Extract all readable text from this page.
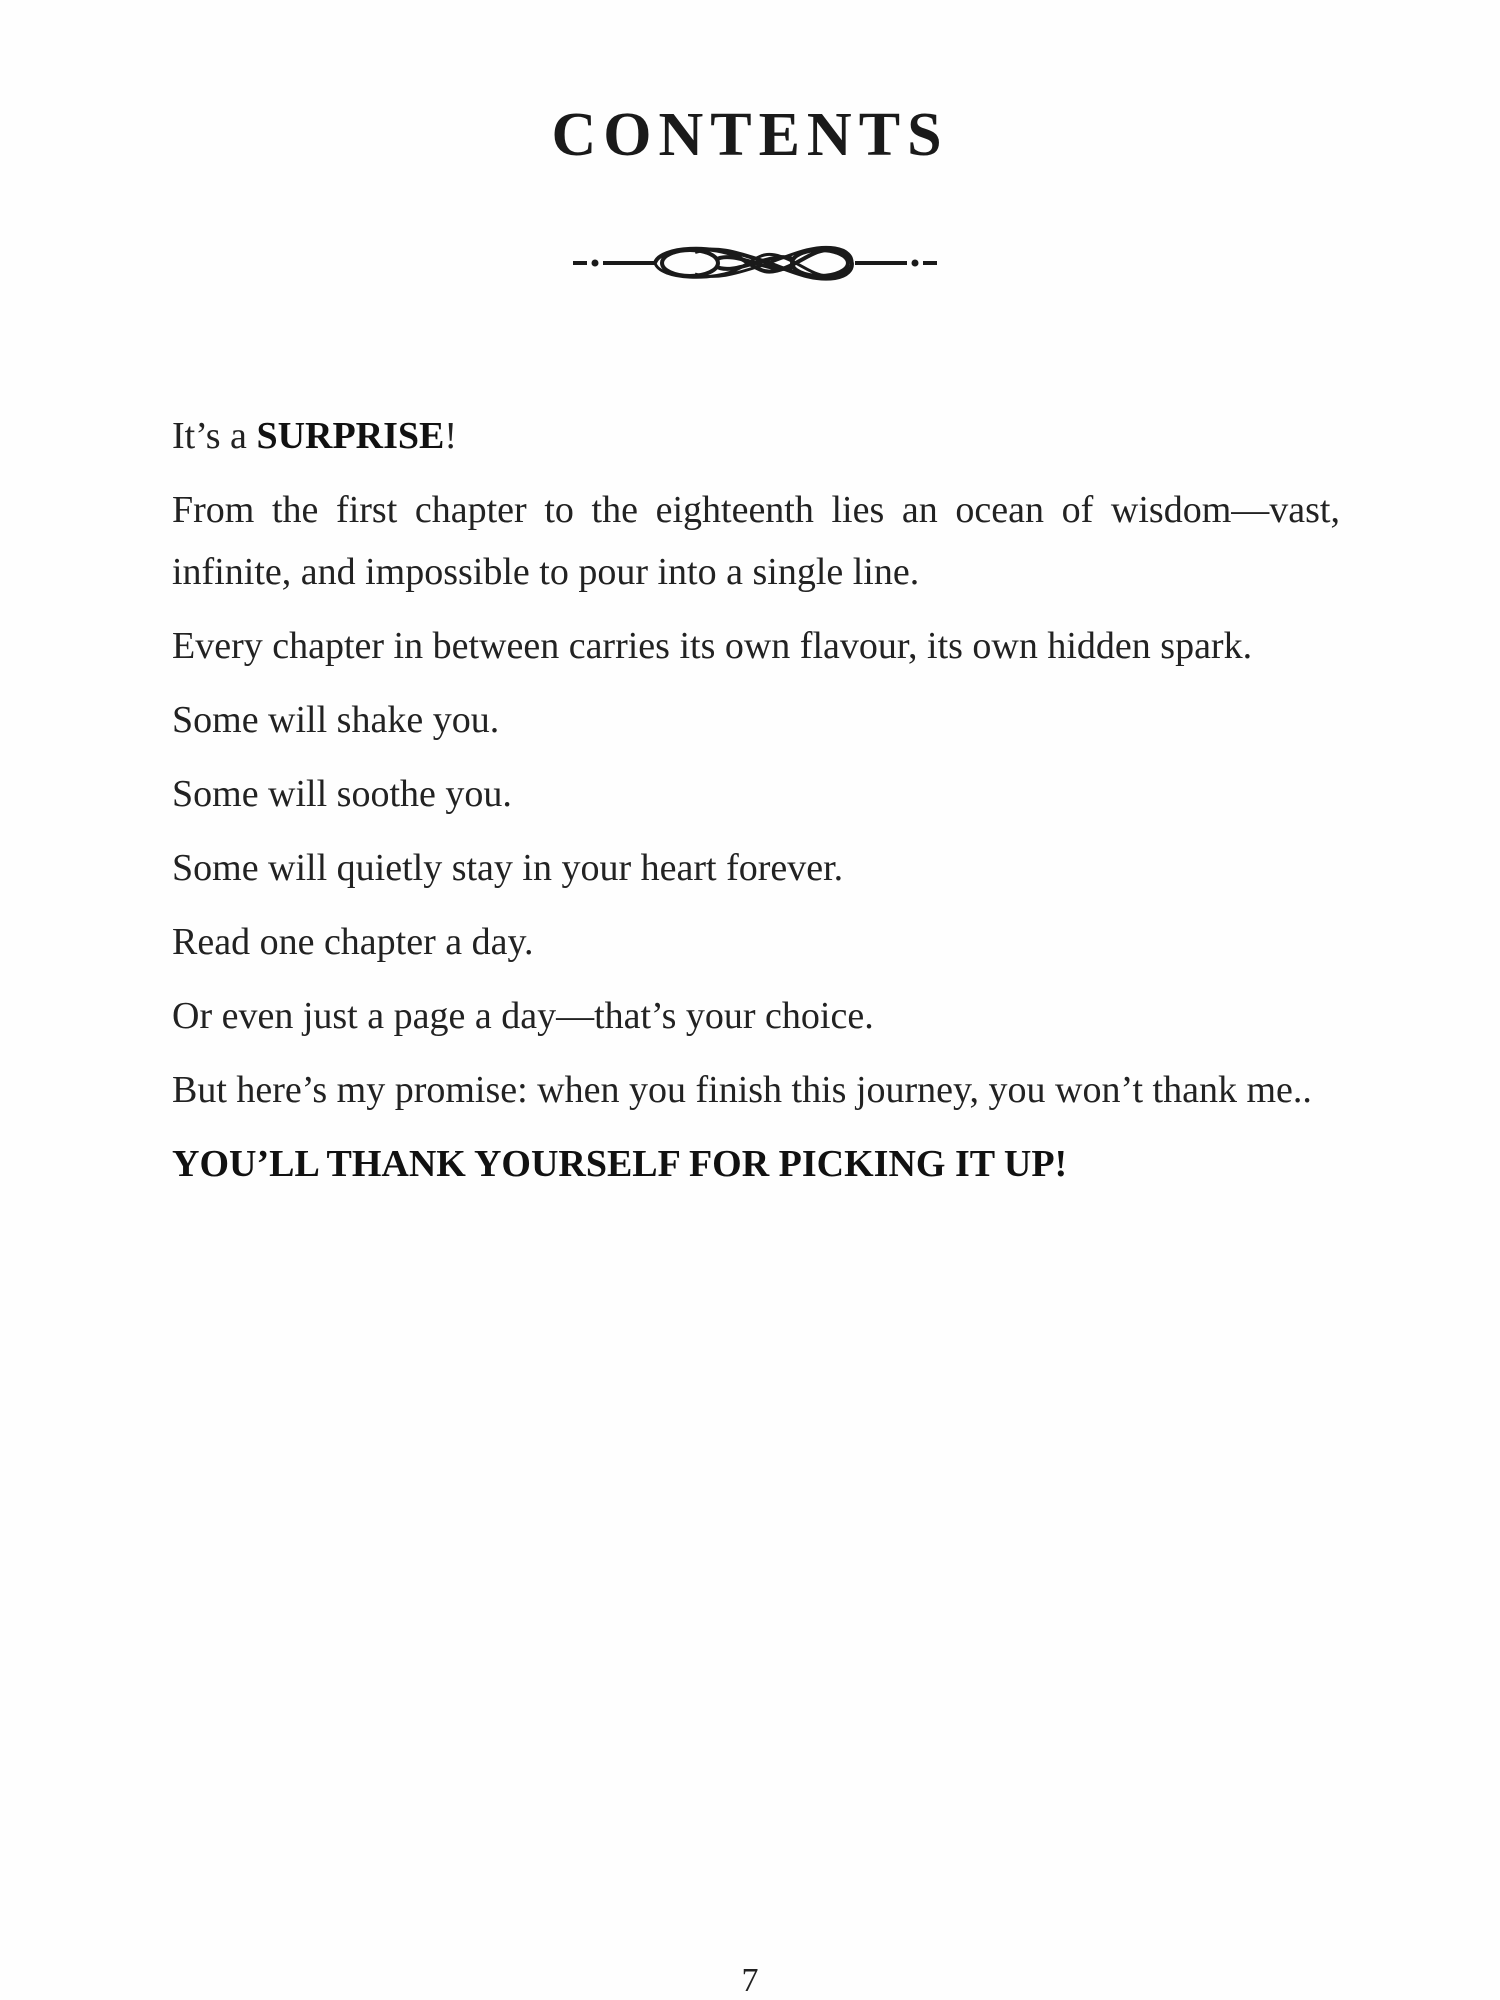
CONTENTS

It’s a SURPRISE!

From the first chapter to the eighteenth lies an ocean of wisdom—vast, infinite, and impossible to pour into a single line.

Every chapter in between carries its own flavour, its own hidden spark.

Some will shake you.

Some will soothe you.

Some will quietly stay in your heart forever.

Read one chapter a day.

Or even just a page a day—that’s your choice.

But here’s my promise: when you finish this journey, you won’t thank me..

YOU’LL THANK YOURSELF FOR PICKING IT UP!

7
